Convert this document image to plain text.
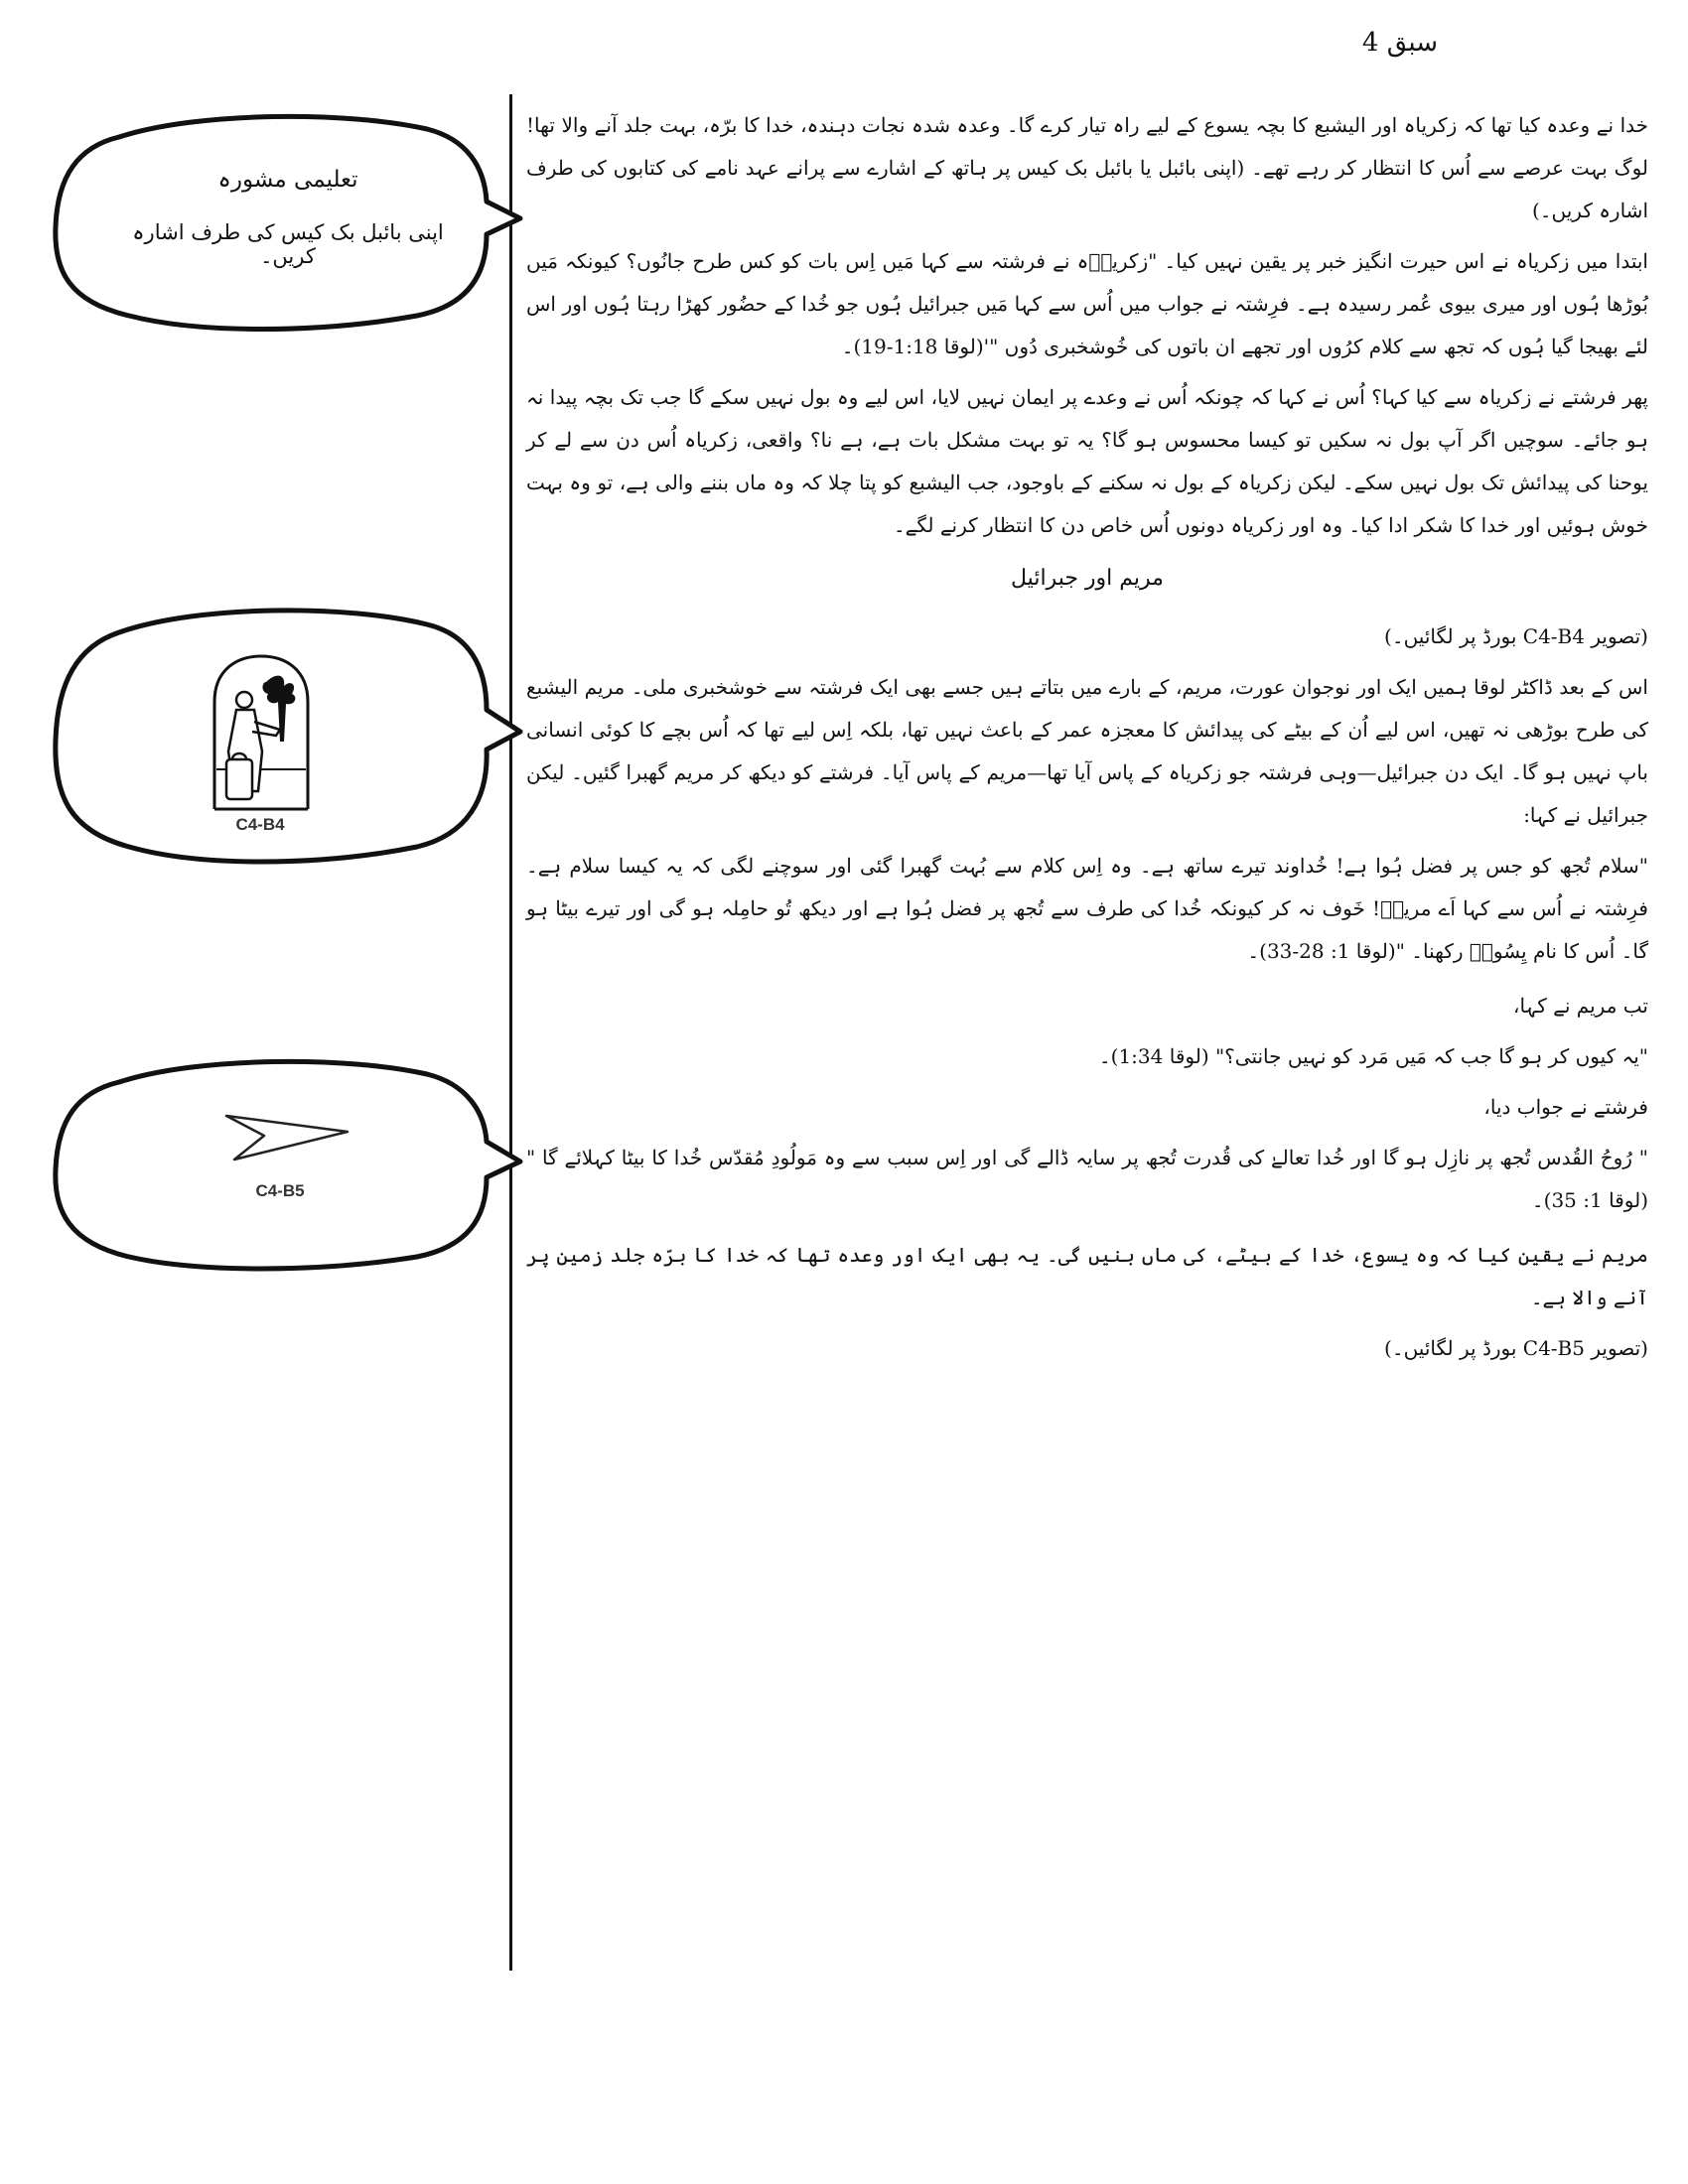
سبق 4
تعلیمی مشورہ
اپنی بائبل بک کیس کی طرف اشارہ کریں۔
C4-B4
C4-B5

خدا نے وعدہ کیا تھا کہ زکریاہ اور الیشبع کا بچہ یسوع کے لیے راہ تیار کرے گا۔ وعدہ شدہ نجات دہندہ، خدا کا برّہ، بہت جلد آنے والا تھا! لوگ بہت عرصے سے اُس کا انتظار کر رہے تھے۔ (اپنی بائبل یا بائبل بک کیس پر ہاتھ کے اشارے سے پرانے عہد نامے کی کتابوں کی طرف اشارہ کریں۔)

ابتدا میں زکریاہ نے اس حیرت انگیز خبر پر یقین نہیں کیا۔ "زکریاؔہ نے فرشتہ سے کہا مَیں اِس بات کو کس طرح جانُوں؟ کیونکہ مَیں بُوڑھا ہُوں اور میری بیوی عُمر رسیدہ ہے۔ فرِشتہ نے جواب میں اُس سے کہا مَیں جبرائیل ہُوں جو خُدا کے حضُور کھڑا رہتا ہُوں اور اس لئے بھیجا گیا ہُوں کہ تجھ سے کلام کرُوں اور تجھے ان باتوں کی خُوشخبری دُوں "'(لوقا 1:18-19)۔

پھر فرشتے نے زکریاہ سے کیا کہا؟ اُس نے کہا کہ چونکہ اُس نے وعدے پر ایمان نہیں لایا، اس لیے وہ بول نہیں سکے گا جب تک بچہ پیدا نہ ہو جائے۔ سوچیں اگر آپ بول نہ سکیں تو کیسا محسوس ہو گا؟ یہ تو بہت مشکل بات ہے، ہے نا؟ واقعی، زکریاہ اُس دن سے لے کر یوحنا کی پیدائش تک بول نہیں سکے۔ لیکن زکریاہ کے بول نہ سکنے کے باوجود، جب الیشبع کو پتا چلا کہ وہ ماں بننے والی ہے، تو وہ بہت خوش ہوئیں اور خدا کا شکر ادا کیا۔ وہ اور زکریاہ دونوں اُس خاص دن کا انتظار کرنے لگے۔

مریم اور جبرائیل

(تصویر C4-B4 بورڈ پر لگائیں۔)

اس کے بعد ڈاکٹر لوقا ہمیں ایک اور نوجوان عورت، مریم، کے بارے میں بتاتے ہیں جسے بھی ایک فرشتہ سے خوشخبری ملی۔ مریم الیشبع کی طرح بوڑھی نہ تھیں، اس لیے اُن کے بیٹے کی پیدائش کا معجزہ عمر کے باعث نہیں تھا، بلکہ اِس لیے تھا کہ اُس بچے کا کوئی انسانی باپ نہیں ہو گا۔ ایک دن جبرائیل—وہی فرشتہ جو زکریاہ کے پاس آیا تھا—مریم کے پاس آیا۔ فرشتے کو دیکھ کر مریم گھبرا گئیں۔ لیکن جبرائیل نے کہا:

"سلام تُجھ کو جس پر فضل ہُوا ہے! خُداوند تیرے ساتھ ہے۔ وہ اِس کلام سے بُہت گھبرا گئی اور سوچنے لگی کہ یہ کیسا سلام ہے۔ فرِشتہ نے اُس سے کہا اَے مریمؔ! خَوف نہ کر کیونکہ خُدا کی طرف سے تُجھ پر فضل ہُوا ہے اور دیکھ تُو حامِلہ ہو گی اور تیرے بیٹا ہو گا۔ اُس کا نام یِسُوعؔ رکھنا۔ "(لوقا 1: 28-33)۔

تب مریم نے کہا،

"یہ کیوں کر ہو گا جب کہ مَیں مَرد کو نہیں جانتی؟" (لوقا 1:34)۔

فرشتے نے جواب دیا،

" رُوحُ القُدس تُجھ پر نازِل ہو گا اور خُدا تعالےٰ کی قُدرت تُجھ پر سایہ ڈالے گی اور اِس سبب سے وہ مَولُودِ مُقدّس خُدا کا بیٹا کہلائے گا " (لوقا 1: 35)۔

مریم نے یقین کیا کہ وہ یسوع، خدا کے بیٹے، کی ماں بنیں گی۔ یہ بھی ایک اور وعدہ تھا کہ خدا کا برّہ جلد زمین پر آنے والا ہے۔

(تصویر C4-B5 بورڈ پر لگائیں۔)
